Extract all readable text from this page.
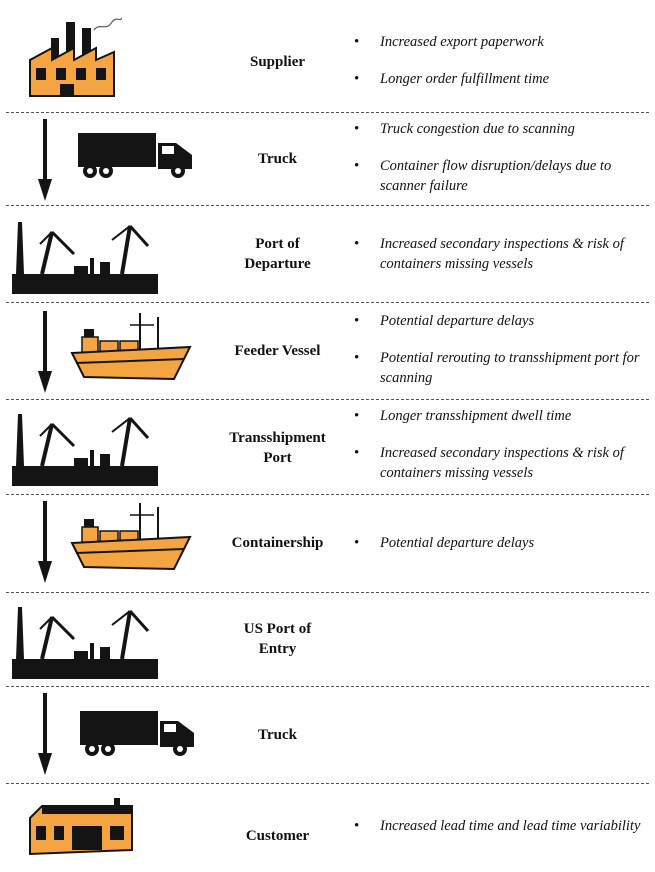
Supplier
• Increased export paperwork
• Longer order fulfillment time
Truck
• Truck congestion due to scanning
• Container flow disruption/delays due to scanner failure
Port of Departure
• Increased secondary inspections & risk of containers missing vessels
Feeder Vessel
• Potential departure delays
• Potential rerouting to transshipment port for scanning
Transshipment Port
• Longer transshipment dwell time
• Increased secondary inspections & risk of containers missing vessels
Containership
•	Potential departure delays
US Port of Entry
Truck
Customer
• Increased lead time and lead time variability
